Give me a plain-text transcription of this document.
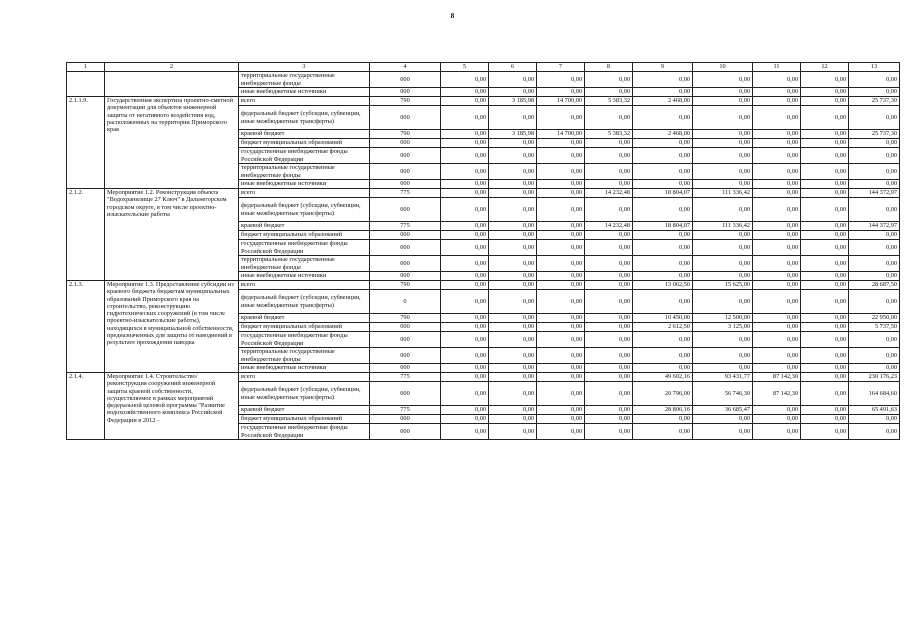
8
1	2	3	4	5	6	7	8	9	10	11	12	13
		территориальные государственные внебюджетные фонды	000	0,00	0,00	0,00	0,00	0,00	0,00	0,00	0,00	0,00
		иные внебюджетные источники	000	0,00	0,00	0,00	0,00	0,00	0,00	0,00	0,00	0,00
2.1.1.9.	Государственная экспертиза проектно-сметной документации для объектов инженерной защиты от негативного воздействия вод, расположенных на территории Приморского края	всего	790	0,00	3 185,98	14 700,00	5 383,32	2 468,00	0,00	0,00	0,00	25 737,30
		федеральный бюджет (субсидии, субвенции, иные межбюджетные трансферты)	000	0,00	0,00	0,00	0,00	0,00	0,00	0,00	0,00	0,00
		краевой бюджет	790	0,00	3 185,98	14 700,00	5 383,32	2 468,00	0,00	0,00	0,00	25 737,30
		бюджет муниципальных образований	000	0,00	0,00	0,00	0,00	0,00	0,00	0,00	0,00	0,00
		государственные внебюджетные фонды Российской Федерации	000	0,00	0,00	0,00	0,00	0,00	0,00	0,00	0,00	0,00
		территориальные государственные внебюджетные фонды	000	0,00	0,00	0,00	0,00	0,00	0,00	0,00	0,00	0,00
		иные внебюджетные источники	000	0,00	0,00	0,00	0,00	0,00	0,00	0,00	0,00	0,00
2.1.2.	Мероприятие 1.2. Реконструкция объекта "Водохранилище 27 Ключ" в Дальнегорском городском округе, в том числе проектно-изыскательские работы	всего	775	0,00	0,00	0,00	14 232,48	18 804,07	111 336,42	0,00	0,00	144 372,97
		федеральный бюджет (субсидии, субвенции, иные межбюджетные трансферты)	000	0,00	0,00	0,00	0,00	0,00	0,00	0,00	0,00	0,00
		краевой бюджет	775	0,00	0,00	0,00	14 232,48	18 804,07	111 336,42	0,00	0,00	144 372,97
		бюджет муниципальных образований	000	0,00	0,00	0,00	0,00	0,00	0,00	0,00	0,00	0,00
		государственные внебюджетные фонды Российской Федерации	000	0,00	0,00	0,00	0,00	0,00	0,00	0,00	0,00	0,00
		территориальные государственные внебюджетные фонды	000	0,00	0,00	0,00	0,00	0,00	0,00	0,00	0,00	0,00
		иные внебюджетные источники	000	0,00	0,00	0,00	0,00	0,00	0,00	0,00	0,00	0,00
2.1.3.	Мероприятие 1.3. Предоставление субсидии из краевого бюджета бюджетам муниципальных образований Приморского края на строительство, реконструкцию гидротехнических сооружений (в том числе проектно-изыскательские работы), находящихся в муниципальной собственности, предназначенных для защиты от наводнений в результате прохождения паводка	всего	790	0,00	0,00	0,00	0,00	13 062,50	15 625,00	0,00	0,00	28 687,50
		федеральный бюджет (субсидии, субвенции, иные межбюджетные трансферты)	0	0,00	0,00	0,00	0,00	0,00	0,00	0,00	0,00	0,00
		краевой бюджет	790	0,00	0,00	0,00	0,00	10 450,00	12 500,00	0,00	0,00	22 950,00
		бюджет муниципальных образований	000	0,00	0,00	0,00	0,00	2 612,50	3 125,00	0,00	0,00	5 737,50
		государственные внебюджетные фонды Российской Федерации	000	0,00	0,00	0,00	0,00	0,00	0,00	0,00	0,00	0,00
		территориальные государственные внебюджетные фонды	000	0,00	0,00	0,00	0,00	0,00	0,00	0,00	0,00	0,00
		иные внебюджетные источники	000	0,00	0,00	0,00	0,00	0,00	0,00	0,00	0,00	0,00
2.1.4.	Мероприятие 1.4. Строительство/реконструкция сооружений инженерной защиты краевой собственности, осуществляемое в рамках мероприятий федеральной целевой программы "Развитие водохозяйственного комплекса Российской Федерации в 2012 -	всего	775	0,00	0,00	0,00	0,00	49 602,16	93 431,77	87 142,30	0,00	230 176,23
		федеральный бюджет (субсидии, субвенции, иные межбюджетные трансферты)	000	0,00	0,00	0,00	0,00	20 796,00	56 746,30	87 142,30	0,00	164 684,60
		краевой бюджет	775	0,00	0,00	0,00	0,00	28 806,16	36 685,47	0,00	0,00	65 491,63
		бюджет муниципальных образований	000	0,00	0,00	0,00	0,00	0,00	0,00	0,00	0,00	0,00
		государственные внебюджетные фонды Российской Федерации	000	0,00	0,00	0,00	0,00	0,00	0,00	0,00	0,00	0,00
